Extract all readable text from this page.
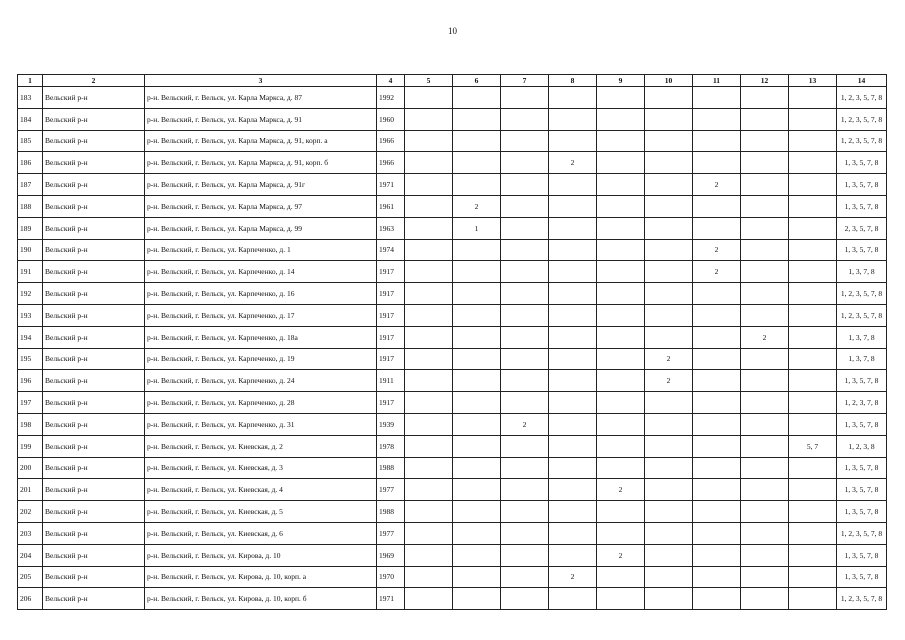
10
1	2	3	4	5	6	7	8	9	10	11	12	13	14
183	Вельский р-н	р-н. Вельский, г. Вельск, ул. Карла Маркса, д. 87	1992										1, 2, 3, 5, 7, 8
184	Вельский р-н	р-н. Вельский, г. Вельск, ул. Карла Маркса, д. 91	1960										1, 2, 3, 5, 7, 8
185	Вельский р-н	р-н. Вельский, г. Вельск, ул. Карла Маркса, д. 91, корп. а	1966										1, 2, 3, 5, 7, 8
186	Вельский р-н	р-н. Вельский, г. Вельск, ул. Карла Маркса, д. 91, корп. б	1966				2						1, 3, 5, 7, 8
187	Вельский р-н	р-н. Вельский, г. Вельск, ул. Карла Маркса, д. 91г	1971							2			1, 3, 5, 7, 8
188	Вельский р-н	р-н. Вельский, г. Вельск, ул. Карла Маркса, д. 97	1961		2								1, 3, 5, 7, 8
189	Вельский р-н	р-н. Вельский, г. Вельск, ул. Карла Маркса, д. 99	1963		1								2, 3, 5, 7, 8
190	Вельский р-н	р-н. Вельский, г. Вельск, ул. Карпеченко, д. 1	1974							2			1, 3, 5, 7, 8
191	Вельский р-н	р-н. Вельский, г. Вельск, ул. Карпеченко, д. 14	1917							2			1, 3, 7, 8
192	Вельский р-н	р-н. Вельский, г. Вельск, ул. Карпеченко, д. 16	1917										1, 2, 3, 5, 7, 8
193	Вельский р-н	р-н. Вельский, г. Вельск, ул. Карпеченко, д. 17	1917										1, 2, 3, 5, 7, 8
194	Вельский р-н	р-н. Вельский, г. Вельск, ул. Карпеченко, д. 18а	1917								2		1, 3, 7, 8
195	Вельский р-н	р-н. Вельский, г. Вельск, ул. Карпеченко, д. 19	1917						2				1, 3, 7, 8
196	Вельский р-н	р-н. Вельский, г. Вельск, ул. Карпеченко, д. 24	1911						2				1, 3, 5, 7, 8
197	Вельский р-н	р-н. Вельский, г. Вельск, ул. Карпеченко, д. 28	1917										1, 2, 3, 7, 8
198	Вельский р-н	р-н. Вельский, г. Вельск, ул. Карпеченко, д. 31	1939			2							1, 3, 5, 7, 8
199	Вельский р-н	р-н. Вельский, г. Вельск, ул. Киевская, д. 2	1978									5, 7	1, 2, 3, 8
200	Вельский р-н	р-н. Вельский, г. Вельск, ул. Киевская, д. 3	1988										1, 3, 5, 7, 8
201	Вельский р-н	р-н. Вельский, г. Вельск, ул. Киевская, д. 4	1977					2					1, 3, 5, 7, 8
202	Вельский р-н	р-н. Вельский, г. Вельск, ул. Киевская, д. 5	1988										1, 3, 5, 7, 8
203	Вельский р-н	р-н. Вельский, г. Вельск, ул. Киевская, д. 6	1977										1, 2, 3, 5, 7, 8
204	Вельский р-н	р-н. Вельский, г. Вельск, ул. Кирова, д. 10	1969					2					1, 3, 5, 7, 8
205	Вельский р-н	р-н. Вельский, г. Вельск, ул. Кирова, д. 10, корп. а	1970				2						1, 3, 5, 7, 8
206	Вельский р-н	р-н. Вельский, г. Вельск, ул. Кирова, д. 10, корп. б	1971										1, 2, 3, 5, 7, 8
